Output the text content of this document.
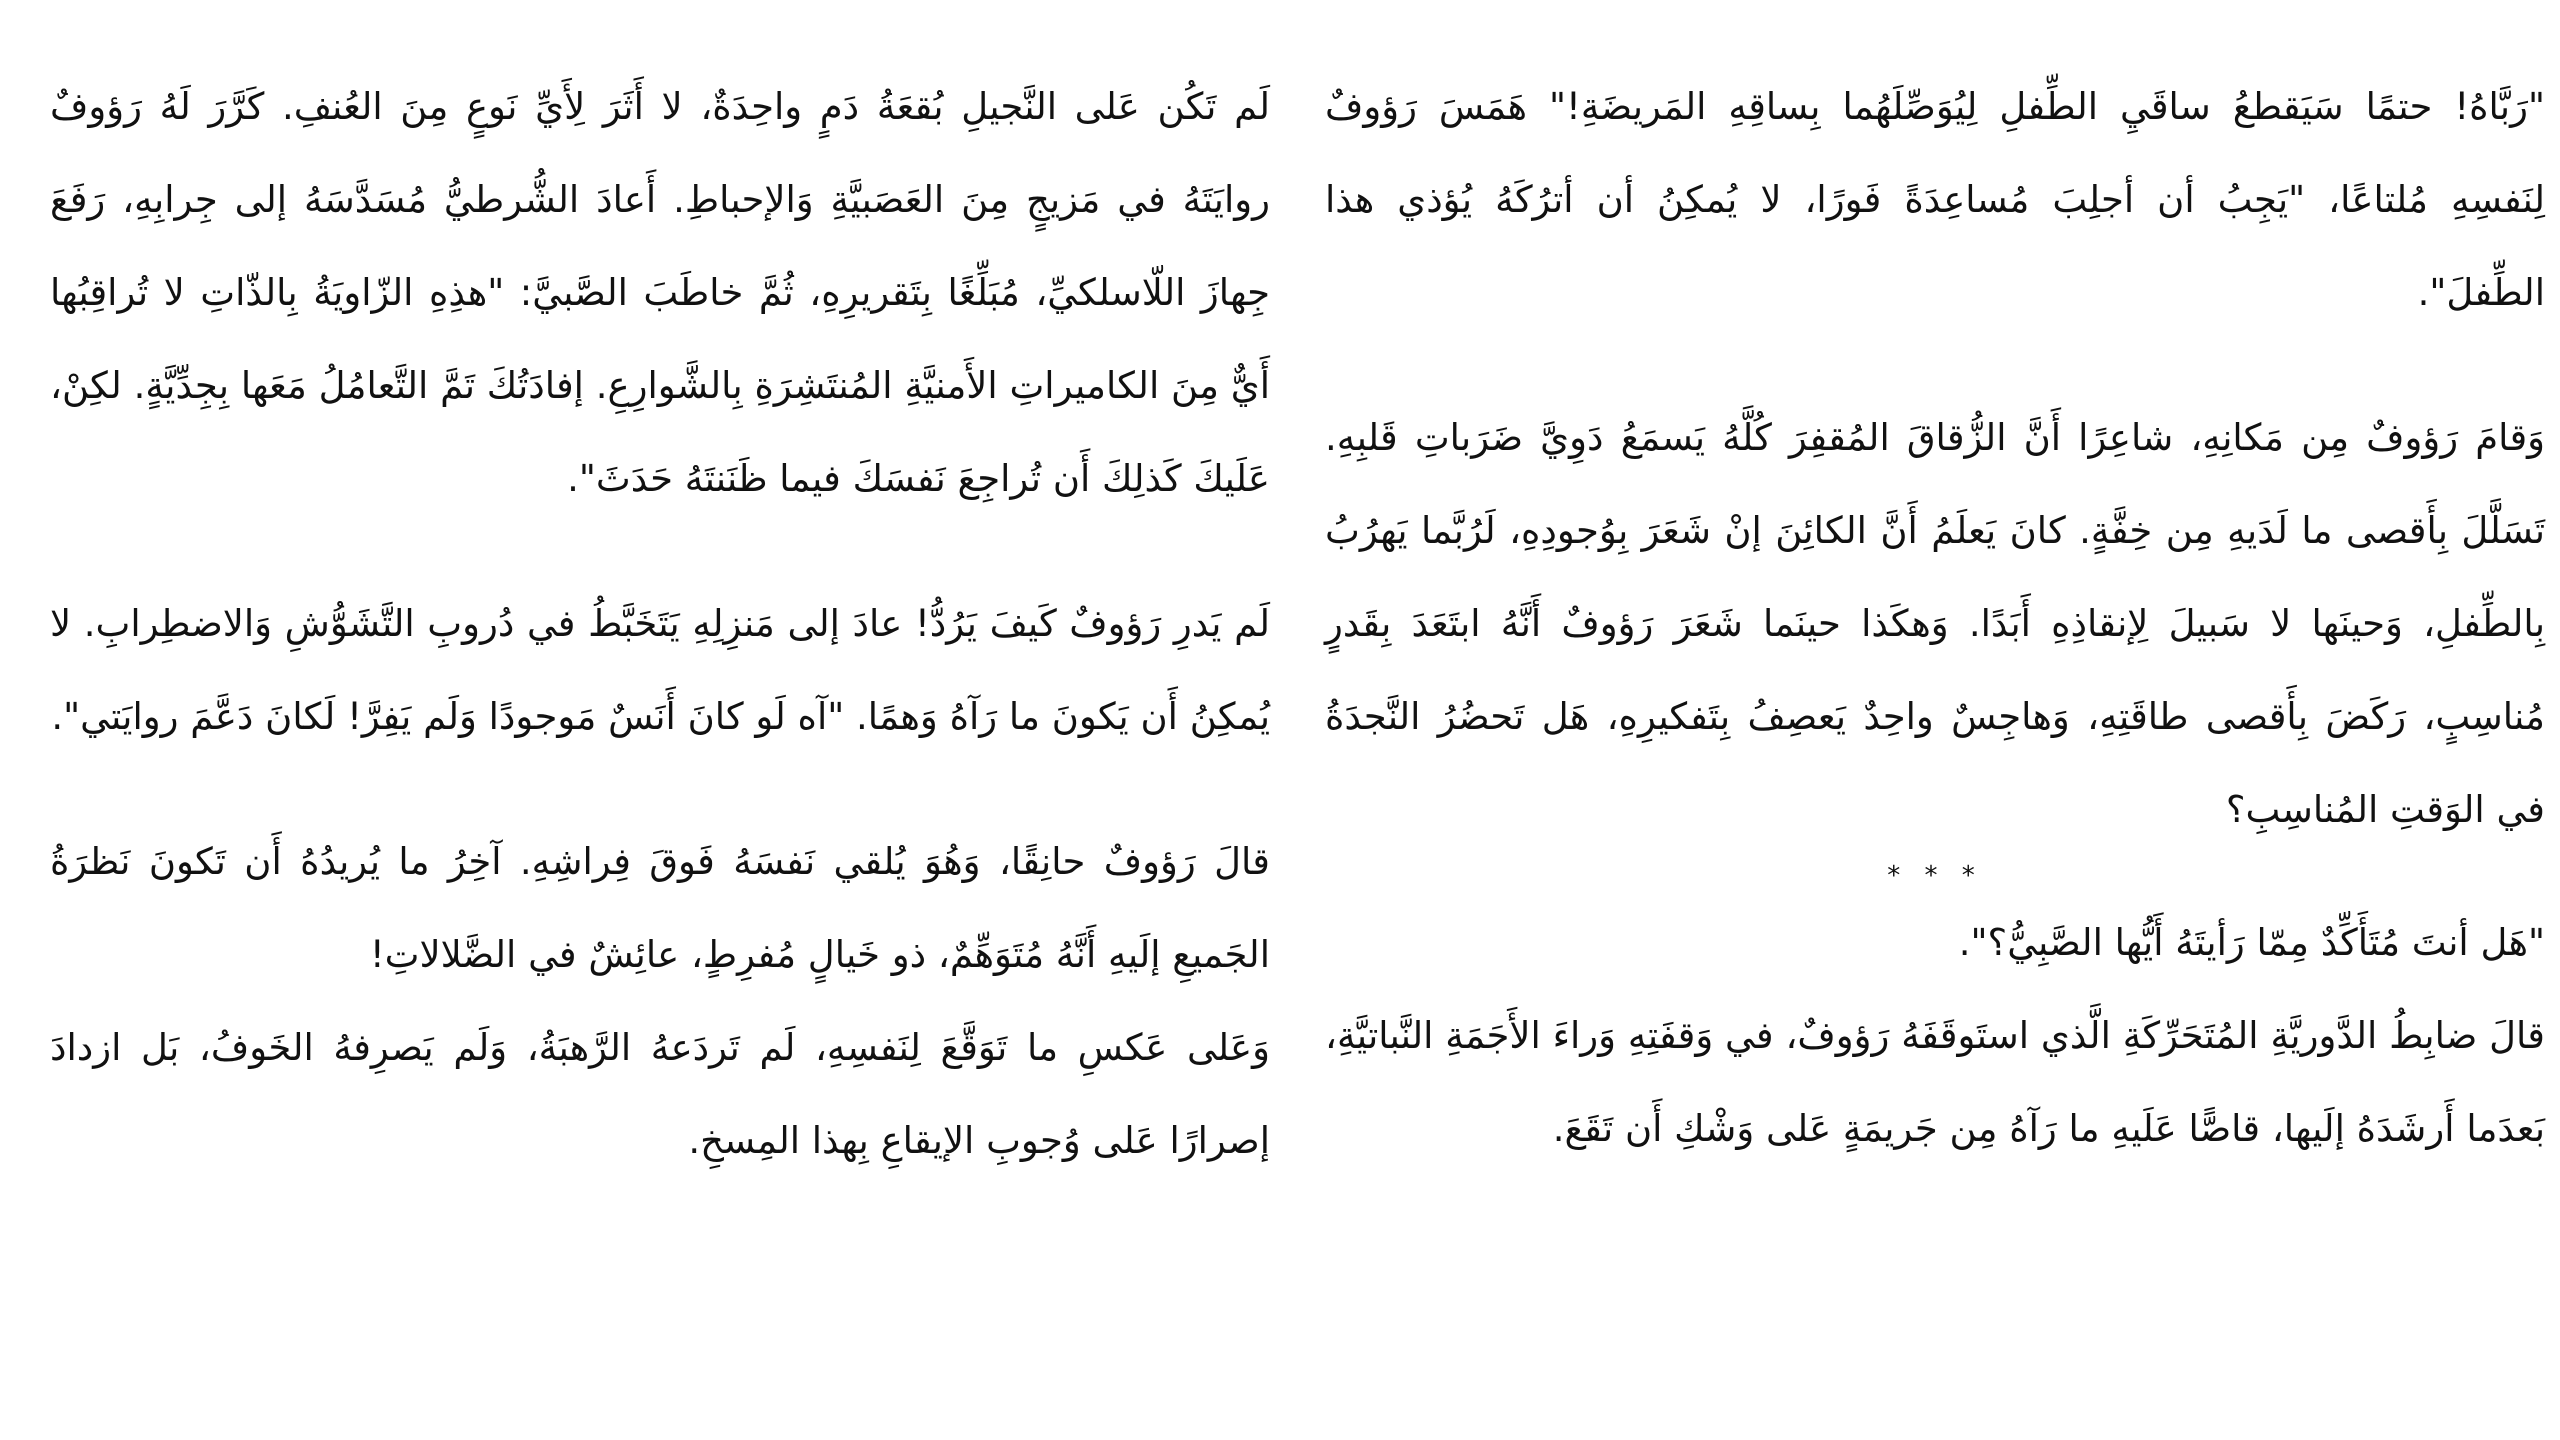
"رَبَّاهُ! حتمًا سَيَقطعُ ساقَيِ الطِّفلِ لِيُوَصِّلَهُما بِساقِهِ المَريضَةِ!" هَمَسَ رَؤوفٌ لِنَفسِهِ مُلتاعًا، "يَجِبُ أن أجلِبَ مُساعِدَةً فَورًا، لا يُمكِنُ أن أترُكَهُ يُؤذي هذا الطِّفلَ".

وَقامَ رَؤوفٌ مِن مَكانِهِ، شاعِرًا أَنَّ الزُّقاقَ المُقفِرَ كُلَّهُ يَسمَعُ دَوِيَّ ضَرَباتِ قَلبِهِ. تَسَلَّلَ بِأَقصى ما لَدَيهِ مِن خِفَّةٍ. كانَ يَعلَمُ أَنَّ الكائِنَ إنْ شَعَرَ بِوُجودِهِ، لَرُبَّما يَهرُبُ بِالطِّفلِ، وَحينَها لا سَبيلَ لِإنقاذِهِ أَبَدًا. وَهكَذا حينَما شَعَرَ رَؤوفٌ أَنَّهُ ابتَعَدَ بِقَدرٍ مُناسِبٍ، رَكَضَ بِأَقصى طاقَتِهِ، وَهاجِسٌ واحِدٌ يَعصِفُ بِتَفكيرِهِ، هَل تَحضُرُ النَّجدَةُ في الوَقتِ المُناسِبِ؟

* * *

"هَل أنتَ مُتَأَكِّدٌ مِمّا رَأيتَهُ أَيُّها الصَّبِيُّ؟".

قالَ ضابِطُ الدَّوريَّةِ المُتَحَرِّكَةِ الَّذي استَوقَفَهُ رَؤوفٌ، في وَقفَتِهِ وَراءَ الأَجَمَةِ النَّباتيَّةِ، بَعدَما أَرشَدَهُ إلَيها، قاصًّا عَلَيهِ ما رَآهُ مِن جَريمَةٍ عَلى وَشْكِ أَن تَقَعَ.

لَم تَكُن عَلى النَّجيلِ بُقعَةُ دَمٍ واحِدَةٌ، لا أَثَرَ لِأَيِّ نَوعٍ مِنَ العُنفِ. كَرَّرَ لَهُ رَؤوفٌ روايَتَهُ في مَزيجٍ مِنَ العَصَبيَّةِ وَالإحباطِ. أَعادَ الشُّرطيُّ مُسَدَّسَهُ إلى جِرابِهِ، رَفَعَ جِهازَ اللّاسلكيِّ، مُبَلِّغًا بِتَقريرِهِ، ثُمَّ خاطَبَ الصَّبيَّ: "هذِهِ الزّاويَةُ بِالذّاتِ لا تُراقِبُها أَيٌّ مِنَ الكاميراتِ الأَمنيَّةِ المُنتَشِرَةِ بِالشَّوارِعِ. إفادَتُكَ تَمَّ التَّعامُلُ مَعَها بِجِدِّيَّةٍ. لكِنْ، عَلَيكَ كَذلِكَ أَن تُراجِعَ نَفسَكَ فيما ظَنَنتَهُ حَدَثَ".

لَم يَدرِ رَؤوفٌ كَيفَ يَرُدُّ! عادَ إلى مَنزِلِهِ يَتَخَبَّطُ في دُروبِ التَّشَوُّشِ وَالاضطِرابِ. لا يُمكِنُ أَن يَكونَ ما رَآهُ وَهمًا. "آه لَو كانَ أَنَسٌ مَوجودًا وَلَم يَفِرَّ! لَكانَ دَعَّمَ روايَتي".

قالَ رَؤوفٌ حانِقًا، وَهُوَ يُلقي نَفسَهُ فَوقَ فِراشِهِ. آخِرُ ما يُريدُهُ أَن تَكونَ نَظرَةُ الجَميعِ إلَيهِ أَنَّهُ مُتَوَهِّمٌ، ذو خَيالٍ مُفرِطٍ، عائِشٌ في الضَّلالاتِ!

وَعَلى عَكسِ ما تَوَقَّعَ لِنَفسِهِ، لَم تَردَعهُ الرَّهبَةُ، وَلَم يَصرِفهُ الخَوفُ، بَل ازدادَ إصرارًا عَلى وُجوبِ الإيقاعِ بِهذا المِسخِ.
